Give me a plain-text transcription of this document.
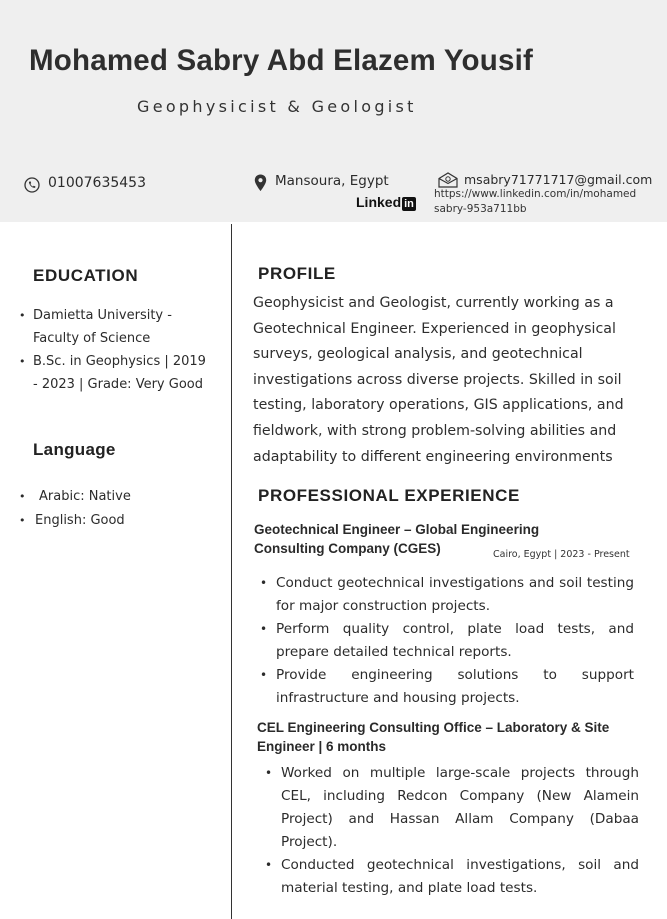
Mohamed Sabry Abd Elazem Yousif
Geophysicist & Geologist
01007635453	Mansoura, Egypt	msabry71771717@gmail.com
Linked in
https://www.linkedin.com/in/mohamed
sabry-953a711bb
EDUCATION
• Damietta University - Faculty of Science
• B.Sc. in Geophysics | 2019 - 2023 | Grade: Very Good
Language
• Arabic: Native
• English: Good
PROFILE
Geophysicist and Geologist, currently working as a Geotechnical Engineer. Experienced in geophysical surveys, geological analysis, and geotechnical investigations across diverse projects. Skilled in soil testing, laboratory operations, GIS applications, and fieldwork, with strong problem-solving abilities and adaptability to different engineering environments
PROFESSIONAL EXPERIENCE
Geotechnical Engineer – Global Engineering Consulting Company (CGES)	Cairo, Egypt | 2023 - Present
• Conduct geotechnical investigations and soil testing for major construction projects.
• Perform quality control, plate load tests, and prepare detailed technical reports.
• Provide engineering solutions to support infrastructure and housing projects.
CEL Engineering Consulting Office – Laboratory & Site Engineer | 6 months
• Worked on multiple large-scale projects through CEL, including Redcon Company (New Alamein Project) and Hassan Allam Company (Dabaa Project).
• Conducted geotechnical investigations, soil and material testing, and plate load tests.
